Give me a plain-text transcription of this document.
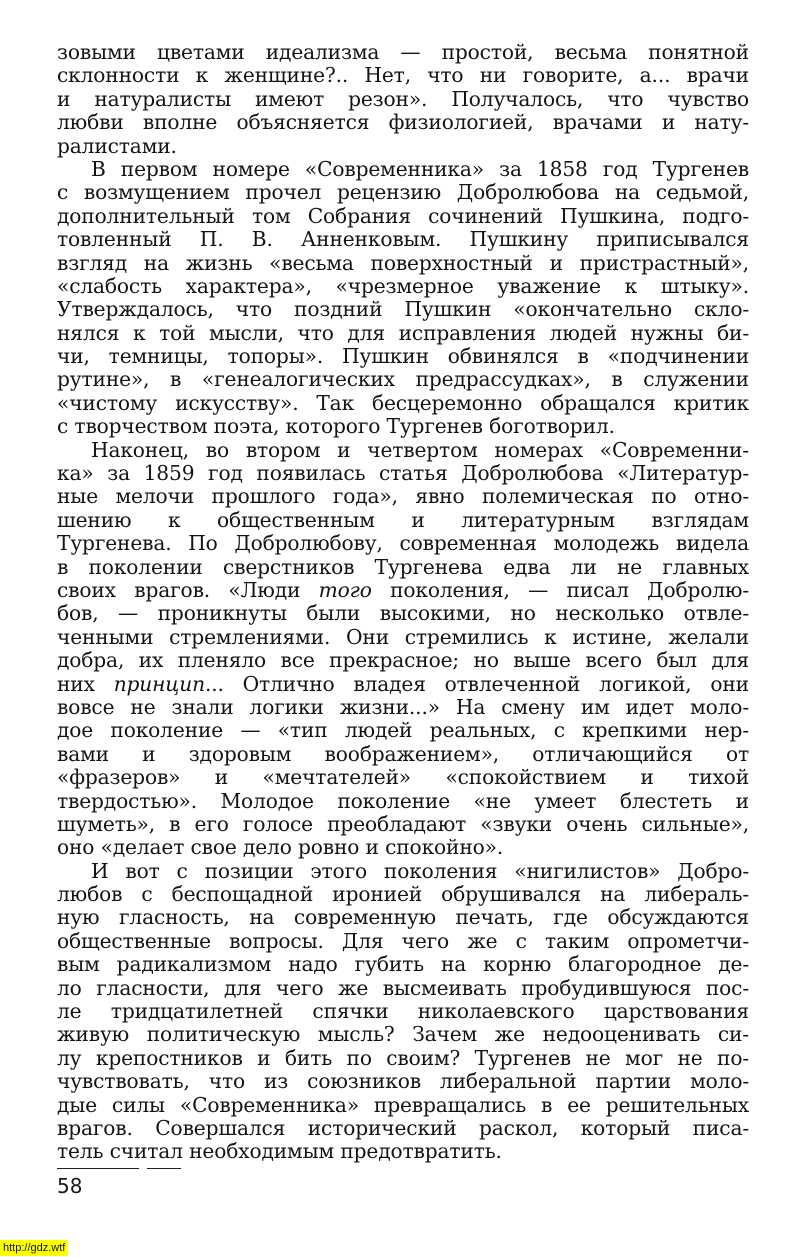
зовыми цветами идеализма — простой, весьма понятной
склонности к женщине?.. Нет, что ни говорите, а... врачи
и натуралисты имеют резон». Получалось, что чувство
любви вполне объясняется физиологией, врачами и нату-
ралистами.
В первом номере «Современника» за 1858 год Тургенев
с возмущением прочел рецензию Добролюбова на седьмой,
дополнительный том Собрания сочинений Пушкина, подго-
товленный П. В. Анненковым. Пушкину приписывался
взгляд на жизнь «весьма поверхностный и пристрастный»,
«слабость характера», «чрезмерное уважение к штыку».
Утверждалось, что поздний Пушкин «окончательно скло-
нялся к той мысли, что для исправления людей нужны би-
чи, темницы, топоры». Пушкин обвинялся в «подчинении
рутине», в «генеалогических предрассудках», в служении
«чистому искусству». Так бесцеремонно обращался критик
с творчеством поэта, которого Тургенев боготворил.
Наконец, во втором и четвертом номерах «Современни-
ка» за 1859 год появилась статья Добролюбова «Литератур-
ные мелочи прошлого года», явно полемическая по отно-
шению к общественным и литературным взглядам
Тургенева. По Добролюбову, современная молодежь видела
в поколении сверстников Тургенева едва ли не главных
своих врагов. «Люди того поколения, — писал Добролю-
бов, — проникнуты были высокими, но несколько отвле-
ченными стремлениями. Они стремились к истине, желали
добра, их пленяло все прекрасное; но выше всего был для
них принцип... Отлично владея отвлеченной логикой, они
вовсе не знали логики жизни...» На смену им идет моло-
дое поколение — «тип людей реальных, с крепкими нер-
вами и здоровым воображением», отличающийся от
«фразеров» и «мечтателей» «спокойствием и тихой
твердостью». Молодое поколение «не умеет блестеть и
шуметь», в его голосе преобладают «звуки очень сильные»,
оно «делает свое дело ровно и спокойно».
И вот с позиции этого поколения «нигилистов» Добро-
любов с беспощадной иронией обрушивался на либераль-
ную гласность, на современную печать, где обсуждаются
общественные вопросы. Для чего же с таким опрометчи-
вым радикализмом надо губить на корню благородное де-
ло гласности, для чего же высмеивать пробудившуюся пос-
ле тридцатилетней спячки николаевского царствования
живую политическую мысль? Зачем же недооценивать си-
лу крепостников и бить по своим? Тургенев не мог не по-
чувствовать, что из союзников либеральной партии моло-
дые силы «Современника» превращались в ее решительных
врагов. Совершался исторический раскол, который писа-
тель считал необходимым предотвратить.
58
http://gdz.wtf
